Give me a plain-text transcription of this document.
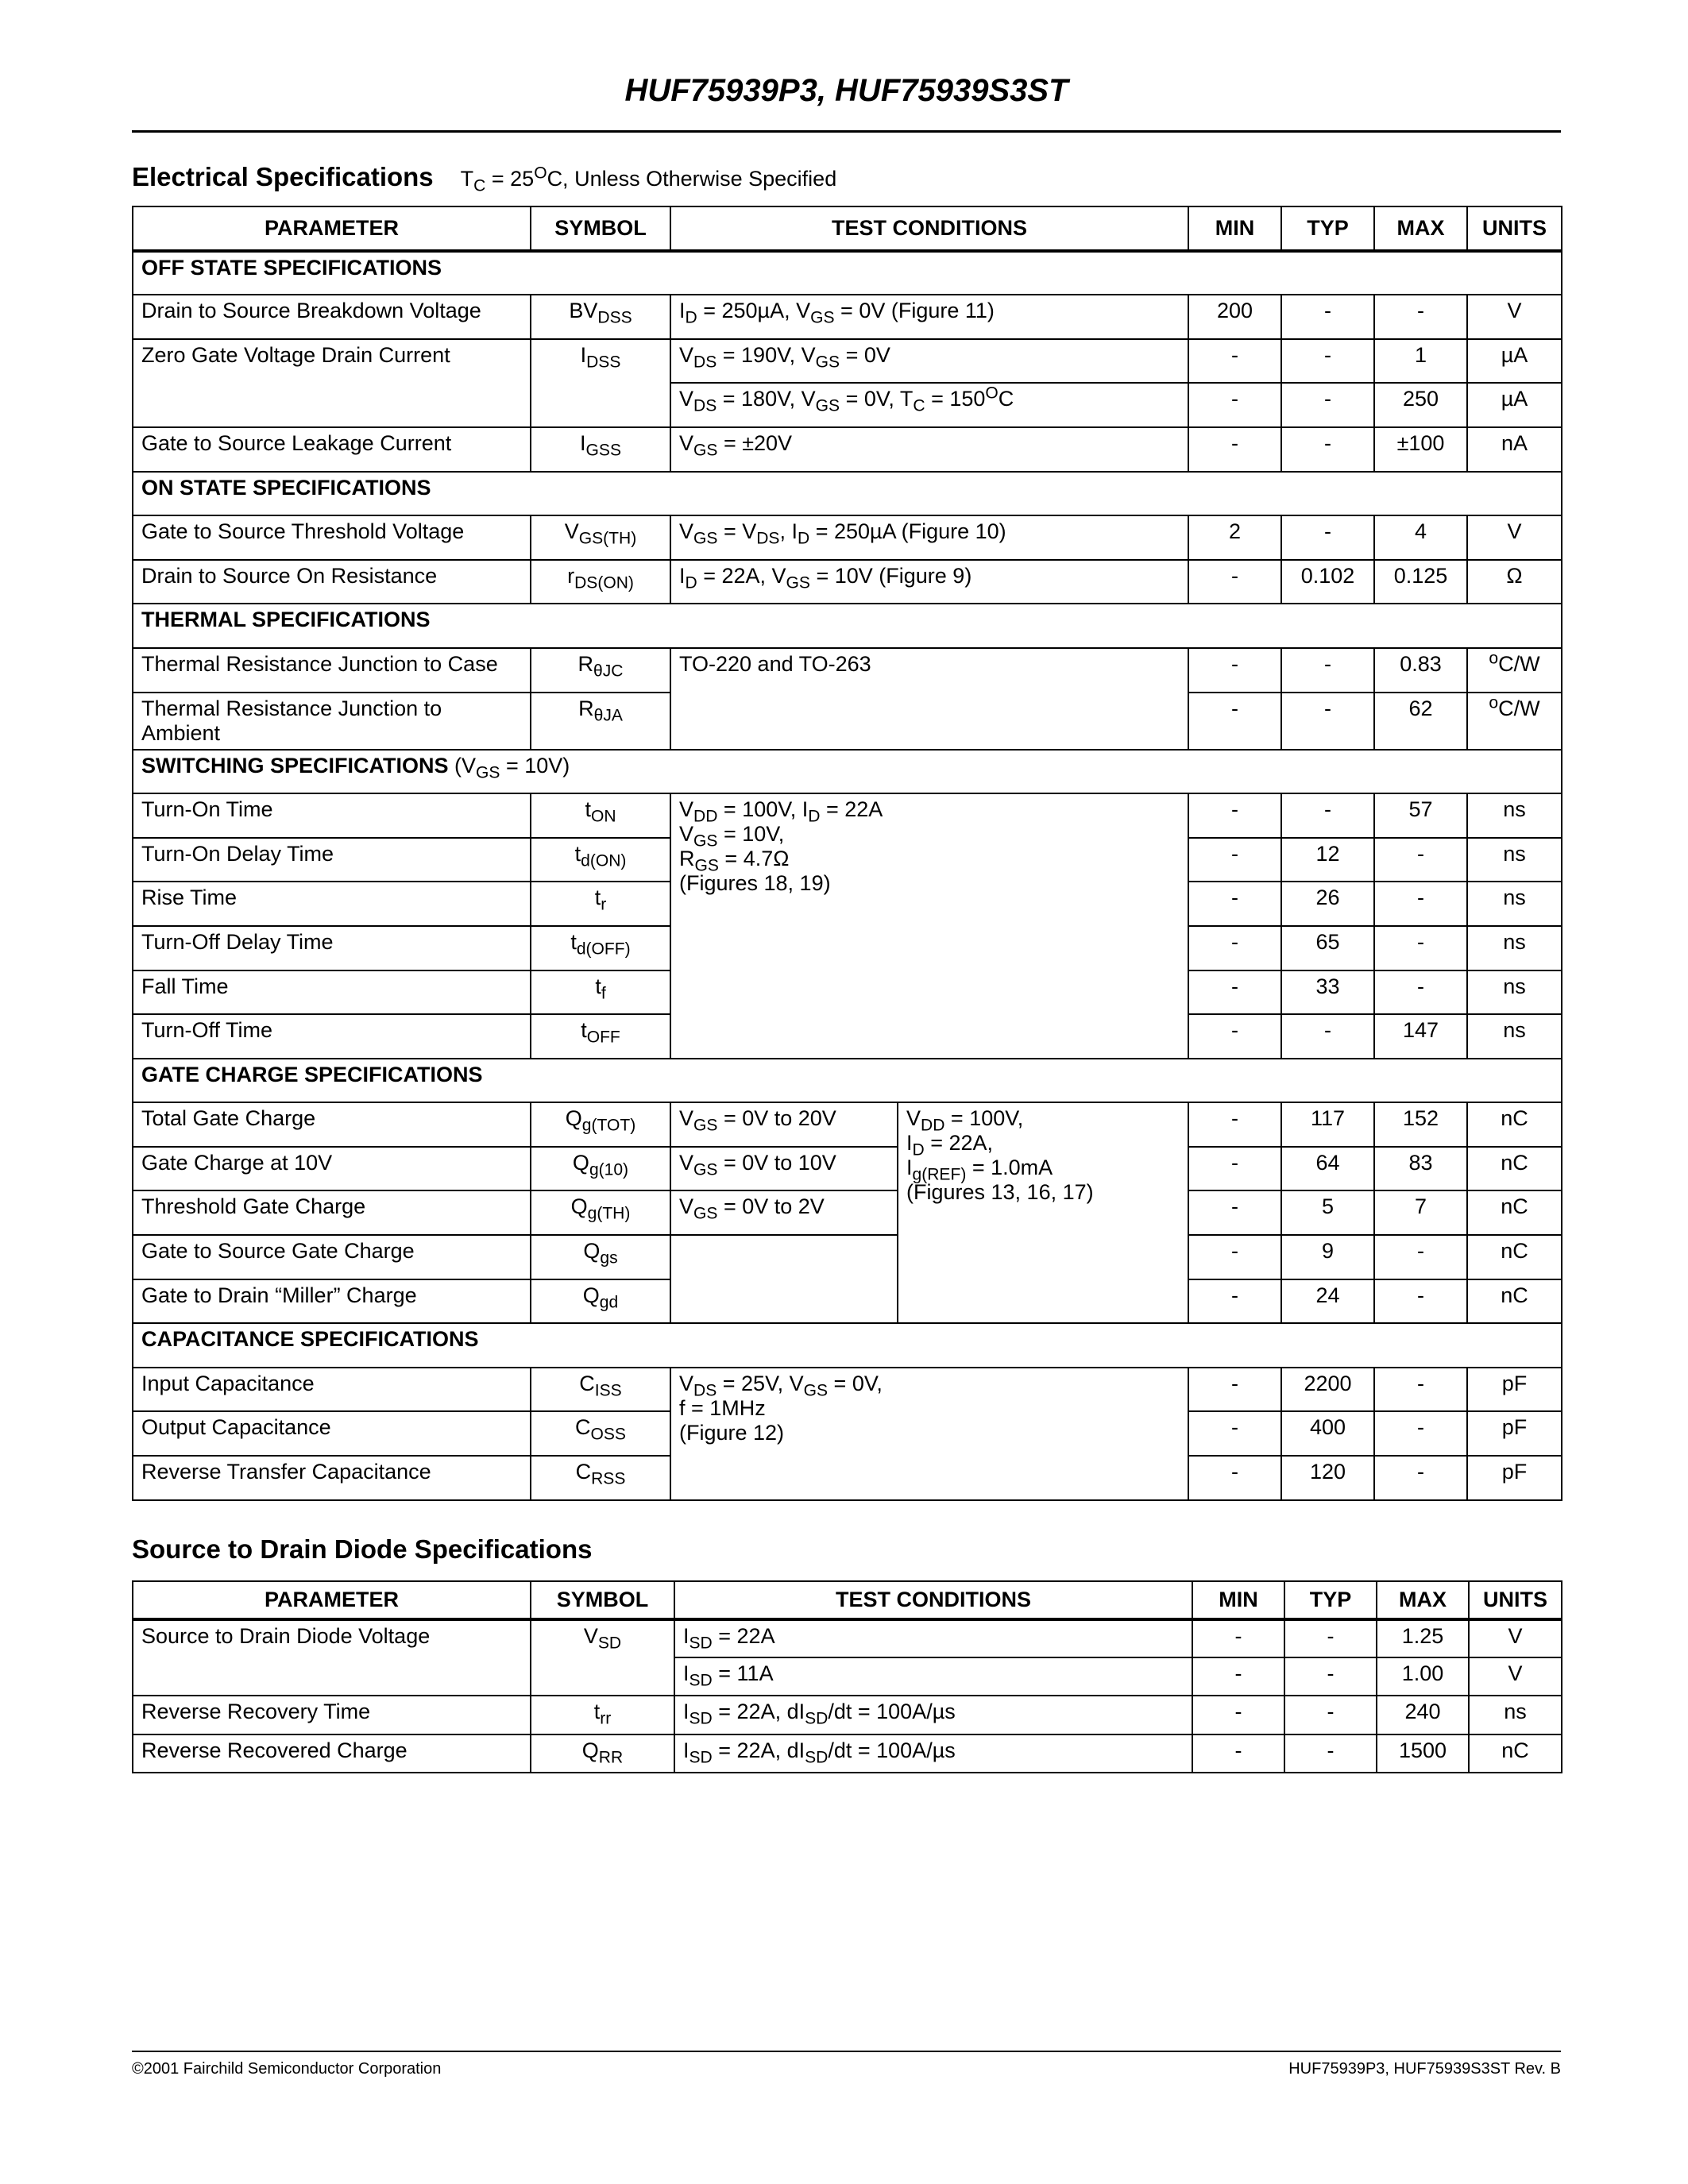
HUF75939P3, HUF75939S3ST
Electrical Specifications $T_C = 25^OC$, Unless Otherwise Specified
PARAMETER	SYMBOL	TEST CONDITIONS		MIN	TYP	MAX	UNITS
OFF STATE SPECIFICATIONS							
Drain to Source Breakdown Voltage	$BV_{DSS}$	$I_D = 250\mu A$, $V_{GS} = 0V$ (Figure 11)		200	-	-	V
Zero Gate Voltage Drain Current	$I_{DSS}$	$V_{DS} = 190V$, $V_{GS} = 0V$		-	-	1	µA
		$V_{DS} = 180V$, $V_{GS} = 0V$, $T_C = 150^OC$		-	-	250	µA
Gate to Source Leakage Current	$I_{GSS}$	$V_{GS} = \pm 20V$		-	-	±100	nA
ON STATE SPECIFICATIONS							
Gate to Source Threshold Voltage	$V_{GS(TH)}$	$V_{GS} = V_{DS}$, $I_D = 250\mu A$ (Figure 10)		2	-	4	V
Drain to Source On Resistance	$r_{DS(ON)}$	$I_D = 22A$, $V_{GS} = 10V$ (Figure 9)		-	0.102	0.125	Ω
THERMAL SPECIFICATIONS							
Thermal Resistance Junction to Case	$R_{\theta JC}$	TO-220 and TO-263		-	-	0.83	$^o$C/W
Thermal Resistance Junction to Ambient	$R_{\theta JA}$			-	-	62	$^o$C/W
SWITCHING SPECIFICATIONS $(V_{GS} = 10V)$							
Turn-On Time	$t_{ON}$	$V_{DD} = 100V$, $I_D = 22A$
$V_{GS} = 10V$,
$R_{GS} = 4.7\Omega$
(Figures 18, 19)		-	-	57	ns
Turn-On Delay Time	$t_{d(ON)}$			-	12	-	ns
Rise Time	$t_r$			-	26	-	ns
Turn-Off Delay Time	$t_{d(OFF)}$			-	65	-	ns
Fall Time	$t_f$			-	33	-	ns
Turn-Off Time	$t_{OFF}$			-	-	147	ns
GATE CHARGE SPECIFICATIONS							
Total Gate Charge	$Q_{g(TOT)}$	$V_{GS} = 0V$ to 20V	$V_{DD} = 100V$,
$I_D = 22A$,
$I_{g(REF)} = 1.0mA$
(Figures 13, 16, 17)	-	117	152	nC
Gate Charge at 10V	$Q_{g(10)}$	$V_{GS} = 0V$ to 10V		-	64	83	nC
Threshold Gate Charge	$Q_{g(TH)}$	$V_{GS} = 0V$ to 2V		-	5	7	nC
Gate to Source Gate Charge	$Q_{gs}$			-	9	-	nC
Gate to Drain “Miller” Charge	$Q_{gd}$			-	24	-	nC
CAPACITANCE SPECIFICATIONS							
Input Capacitance	$C_{ISS}$	$V_{DS} = 25V$, $V_{GS} = 0V$,
f = 1MHz
(Figure 12)		-	2200	-	pF
Output Capacitance	$C_{OSS}$			-	400	-	pF
Reverse Transfer Capacitance	$C_{RSS}$			-	120	-	pF
Source to Drain Diode Specifications
PARAMETER	SYMBOL	TEST CONDITIONS	MIN	TYP	MAX	UNITS
Source to Drain Diode Voltage	$V_{SD}$	$I_{SD} = 22A$	-	-	1.25	V
		$I_{SD} = 11A$	-	-	1.00	V
Reverse Recovery Time	$t_{rr}$	$I_{SD} = 22A$, $dI_{SD}/dt = 100A/\mu s$	-	-	240	ns
Reverse Recovered Charge	$Q_{RR}$	$I_{SD} = 22A$, $dI_{SD}/dt = 100A/\mu s$	-	-	1500	nC
©2001 Fairchild Semiconductor Corporation	HUF75939P3, HUF75939S3ST Rev. B
